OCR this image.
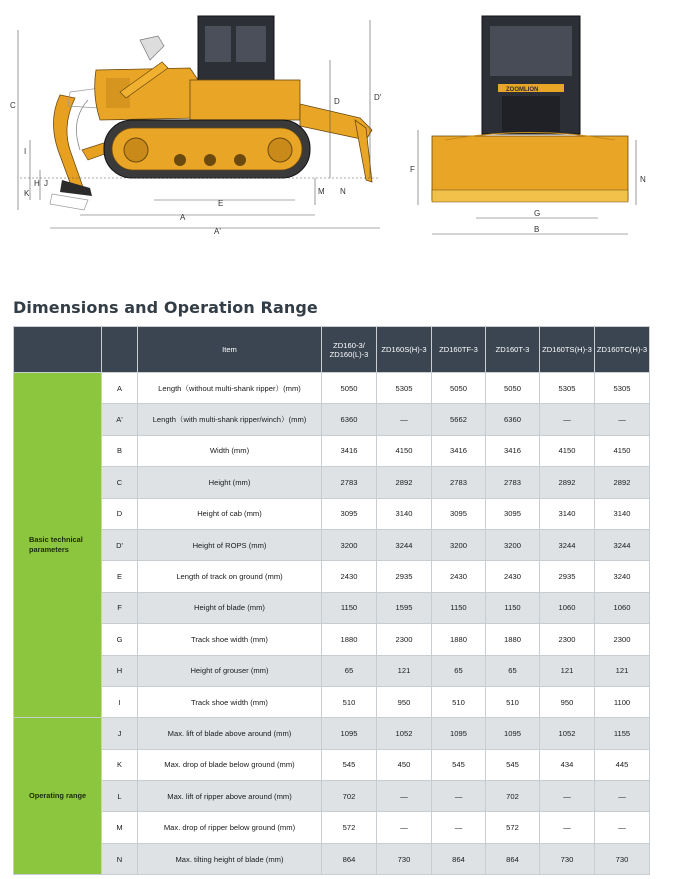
C
I
K
H J
D	D'
M N
E
A
A'
ZOOMLION
F
N
G
B
Dimensions and Operation Range
		Item	ZD160-3/
ZD160(L)-3	ZD160S(H)-3	ZD160TF-3	ZD160T-3	ZD160TS(H)-3	ZD160TC(H)-3

Basic technical parameters	A	Length（without multi-shank ripper）(mm)	5050	5305	5050	5050	5305	5305
	A'	Length（with multi-shank ripper/winch）(mm)	6360	—	5662	6360	—	—
	B	Width (mm)	3416	4150	3416	3416	4150	4150
	C	Height (mm)	2783	2892	2783	2783	2892	2892
	D	Height of cab (mm)	3095	3140	3095	3095	3140	3140
	D'	Height of ROPS (mm)	3200	3244	3200	3200	3244	3244
	E	Length of track on ground (mm)	2430	2935	2430	2430	2935	3240
	F	Height of blade (mm)	1150	1595	1150	1150	1060	1060
	G	Track shoe width (mm)	1880	2300	1880	1880	2300	2300
	H	Height of grouser (mm)	65	121	65	65	121	121
	I	Track shoe width (mm)	510	950	510	510	950	1100
Operating range	J	Max. lift of blade above around (mm)	1095	1052	1095	1095	1052	1155
	K	Max. drop of blade below ground (mm)	545	450	545	545	434	445
	L	Max. lift of ripper above around (mm)	702	—	—	702	—	—
	M	Max. drop of ripper below ground (mm)	572	—	—	572	—	—
	N	Max. tilting height of blade (mm)	864	730	864	864	730	730
